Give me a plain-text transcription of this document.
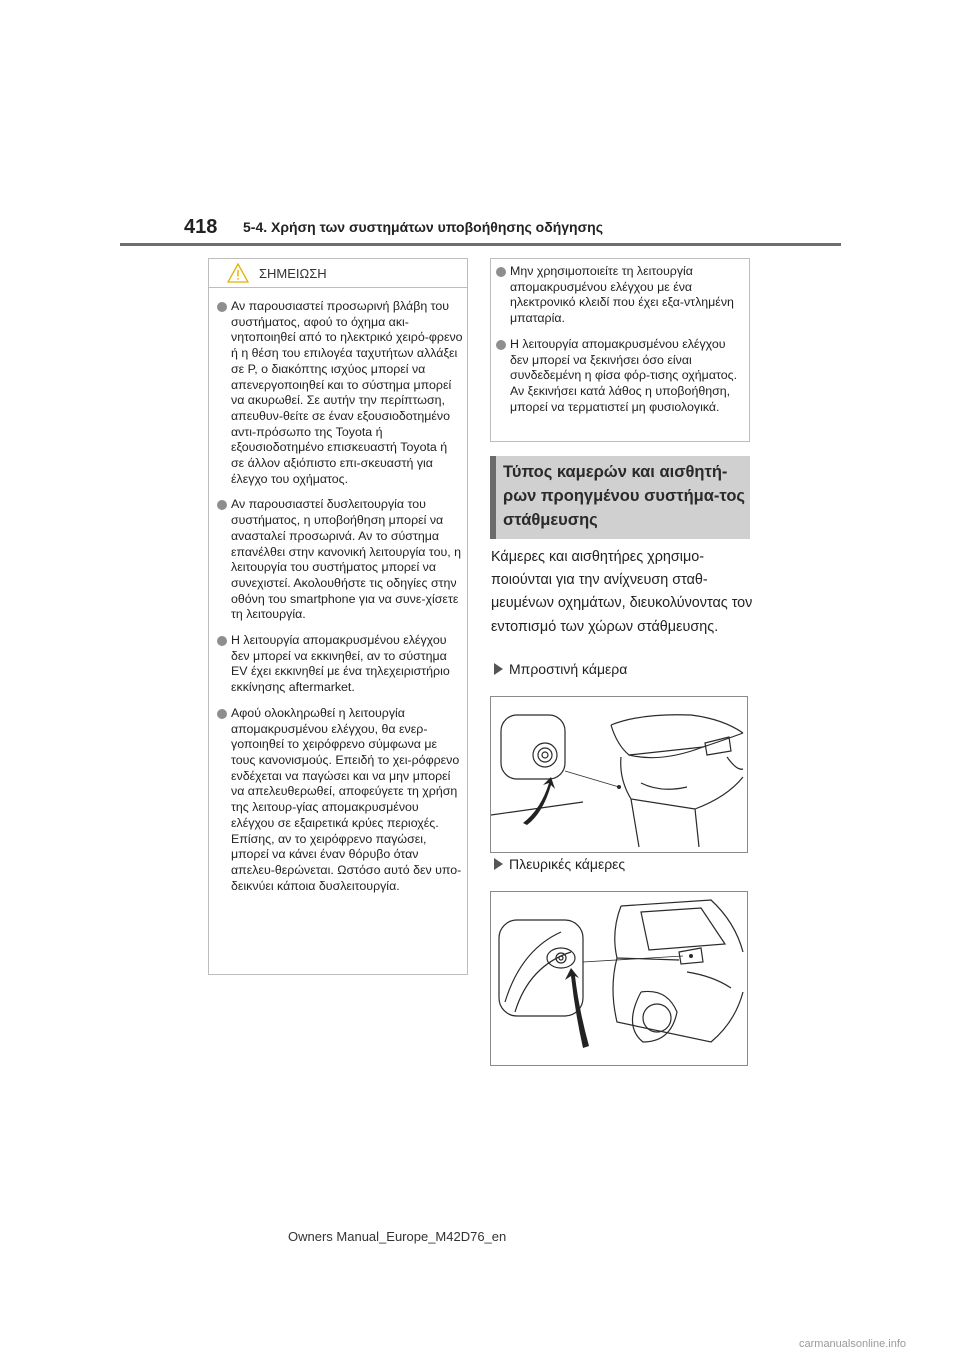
418 5-4. Χρήση των συστημάτων υποβοήθησης οδήγησης
ΣΗΜΕΙΩΣΗ
Αν παρουσιαστεί προσωρινή βλάβη του συστήματος, αφού το όχημα ακι-νητοποιηθεί από το ηλεκτρικό χειρό-φρενο ή η θέση του επιλογέα ταχυτήτων αλλάξει σε P, ο διακόπτης ισχύος μπορεί να απενεργοποιηθεί και το σύστημα μπορεί να ακυρωθεί. Σε αυτήν την περίπτωση, απευθυν-θείτε σε έναν εξουσιοδοτημένο αντι-πρόσωπο της Toyota ή εξουσιοδοτημένο επισκευαστή Toyota ή σε άλλον αξιόπιστο επι-σκευαστή για έλεγχο του οχήματος.
Αν παρουσιαστεί δυσλειτουργία του συστήματος, η υποβοήθηση μπορεί να ανασταλεί προσωρινά. Αν το σύστημα επανέλθει στην κανονική λειτουργία του, η λειτουργία του συστήματος μπορεί να συνεχιστεί. Ακολουθήστε τις οδηγίες στην οθόνη του smartphone για να συνε-χίσετε τη λειτουργία.
Η λειτουργία απομακρυσμένου ελέγχου δεν μπορεί να εκκινηθεί, αν το σύστημα EV έχει εκκινηθεί με ένα τηλεχειριστήριο εκκίνησης aftermarket.
Αφού ολοκληρωθεί η λειτουργία απομακρυσμένου ελέγχου, θα ενερ-γοποιηθεί το χειρόφρενο σύμφωνα με τους κανονισμούς. Επειδή το χει-ρόφρενο ενδέχεται να παγώσει και να μην μπορεί να απελευθερωθεί, αποφεύγετε τη χρήση της λειτουρ-γίας απομακρυσμένου ελέγχου σε εξαιρετικά κρύες περιοχές. Επίσης, αν το χειρόφρενο παγώσει, μπορεί να κάνει έναν θόρυβο όταν απελευ-θερώνεται. Ωστόσο αυτό δεν υπο-δεικνύει κάποια δυσλειτουργία.
Μην χρησιμοποιείτε τη λειτουργία απομακρυσμένου ελέγχου με ένα ηλεκτρονικό κλειδί που έχει εξα-ντλημένη μπαταρία.
Η λειτουργία απομακρυσμένου ελέγχου δεν μπορεί να ξεκινήσει όσο είναι συνδεδεμένη η φίσα φόρ-τισης οχήματος. Αν ξεκινήσει κατά λάθος η υποβοήθηση, μπορεί να τερματιστεί μη φυσιολογικά.
Τύπος καμερών και αισθητή-ρων προηγμένου συστήμα-τος στάθμευσης
Κάμερες και αισθητήρες χρησιμο-ποιούνται για την ανίχνευση σταθ-μευμένων οχημάτων, διευκολύνοντας τον εντοπισμό των χώρων στάθμευσης.
Μπροστινή κάμερα
Πλευρικές κάμερες
Owners Manual_Europe_M42D76_en
carmanualsonline.info
